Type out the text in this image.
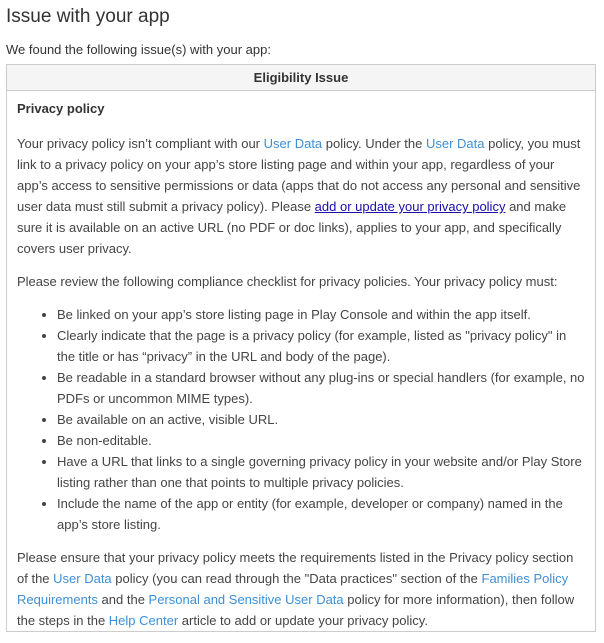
Issue with your app

We found the following issue(s) with your app:

Eligibility Issue

Privacy policy

Your privacy policy isn’t compliant with our User Data policy. Under the User Data policy, you must link to a privacy policy on your app’s store listing page and within your app, regardless of your app’s access to sensitive permissions or data (apps that do not access any personal and sensitive user data must still submit a privacy policy). Please add or update your privacy policy and make sure it is available on an active URL (no PDF or doc links), applies to your app, and specifically covers user privacy.

Please review the following compliance checklist for privacy policies. Your privacy policy must:

• Be linked on your app’s store listing page in Play Console and within the app itself.
• Clearly indicate that the page is a privacy policy (for example, listed as "privacy policy" in the title or has “privacy” in the URL and body of the page).
• Be readable in a standard browser without any plug-ins or special handlers (for example, no PDFs or uncommon MIME types).
• Be available on an active, visible URL.
• Be non-editable.
• Have a URL that links to a single governing privacy policy in your website and/or Play Store listing rather than one that points to multiple privacy policies.
• Include the name of the app or entity (for example, developer or company) named in the app’s store listing.

Please ensure that your privacy policy meets the requirements listed in the Privacy policy section of the User Data policy (you can read through the "Data practices" section of the Families Policy Requirements and the Personal and Sensitive User Data policy for more information), then follow the steps in the Help Center article to add or update your privacy policy.
